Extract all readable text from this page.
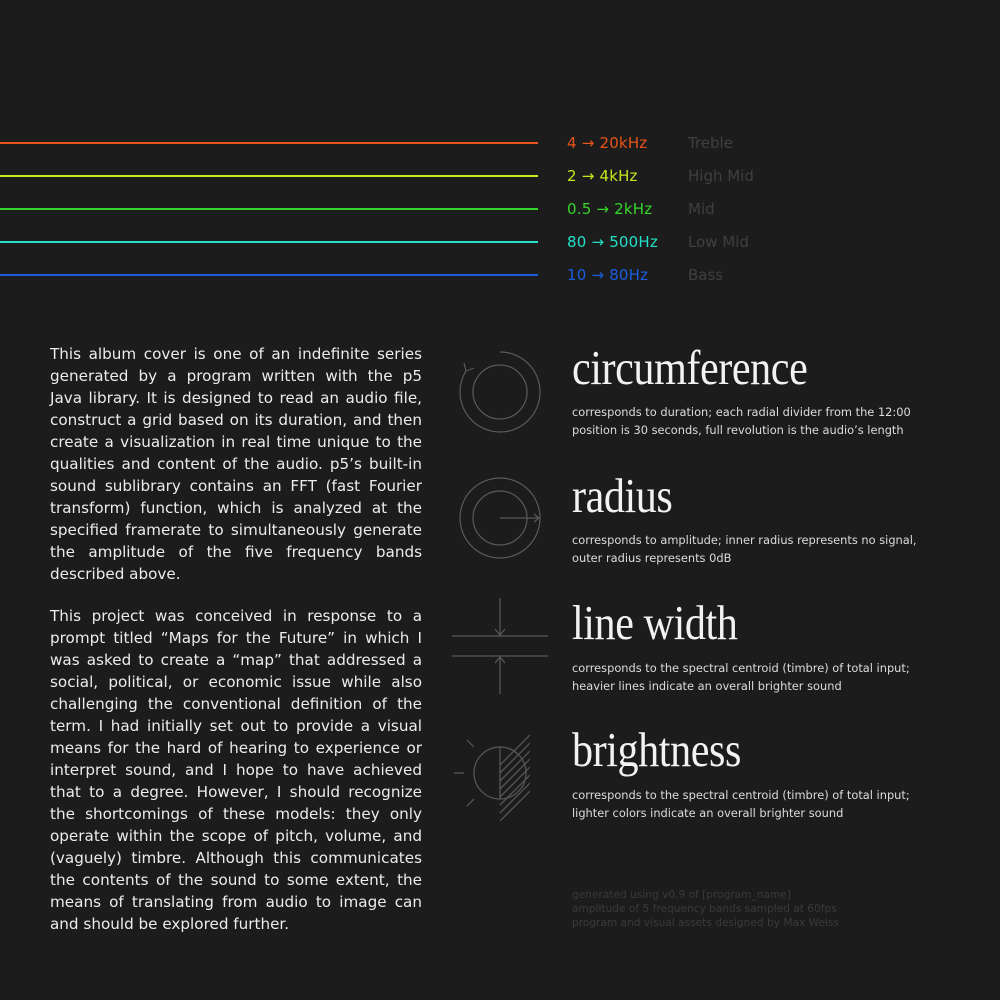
4 → 20kHz	Treble
2 → 4kHz	High Mid
0.5 → 2kHz Mid
80 → 500Hz Low Mid
10 → 80Hz	Bass

This album cover is one of an indefinite series generated by a program written with the p5 Java library. It is designed to read an audio file, construct a grid based on its duration, and then create a visualization in real time unique to the qualities and content of the audio. p5’s built-in sound sublibrary contains an FFT (fast Fourier transform) function, which is analyzed at the specified framerate to simultaneously generate the amplitude of the five frequency bands described above.

This project was conceived in response to a prompt titled “Maps for the Future” in which I was asked to create a “map” that addressed a social, political, or economic issue while also challenging the conventional definition of the term. I had initially set out to provide a visual means for the hard of hearing to experience or interpret sound, and I hope to have achieved that to a degree. However, I should recognize the shortcomings of these models: they only operate within the scope of pitch, volume, and (vaguely) timbre. Although this communicates the contents of the sound to some extent, the means of translating from audio to image can and should be explored further.

circumference

corresponds to duration; each radial divider from the 12:00

position is 30 seconds, full revolution is the audio’s length

radius

corresponds to amplitude; inner radius represents no signal,

outer radius represents 0dB

line width

corresponds to the spectral centroid (timbre) of total input;

heavier lines indicate an overall brighter sound

brightness

corresponds to the spectral centroid (timbre) of total input;

lighter colors indicate an overall brighter sound

generated using v0.9 of [program_name]
amplitude of 5 frequency bands sampled at 60fps
program and visual assets designed by Max Weiss
